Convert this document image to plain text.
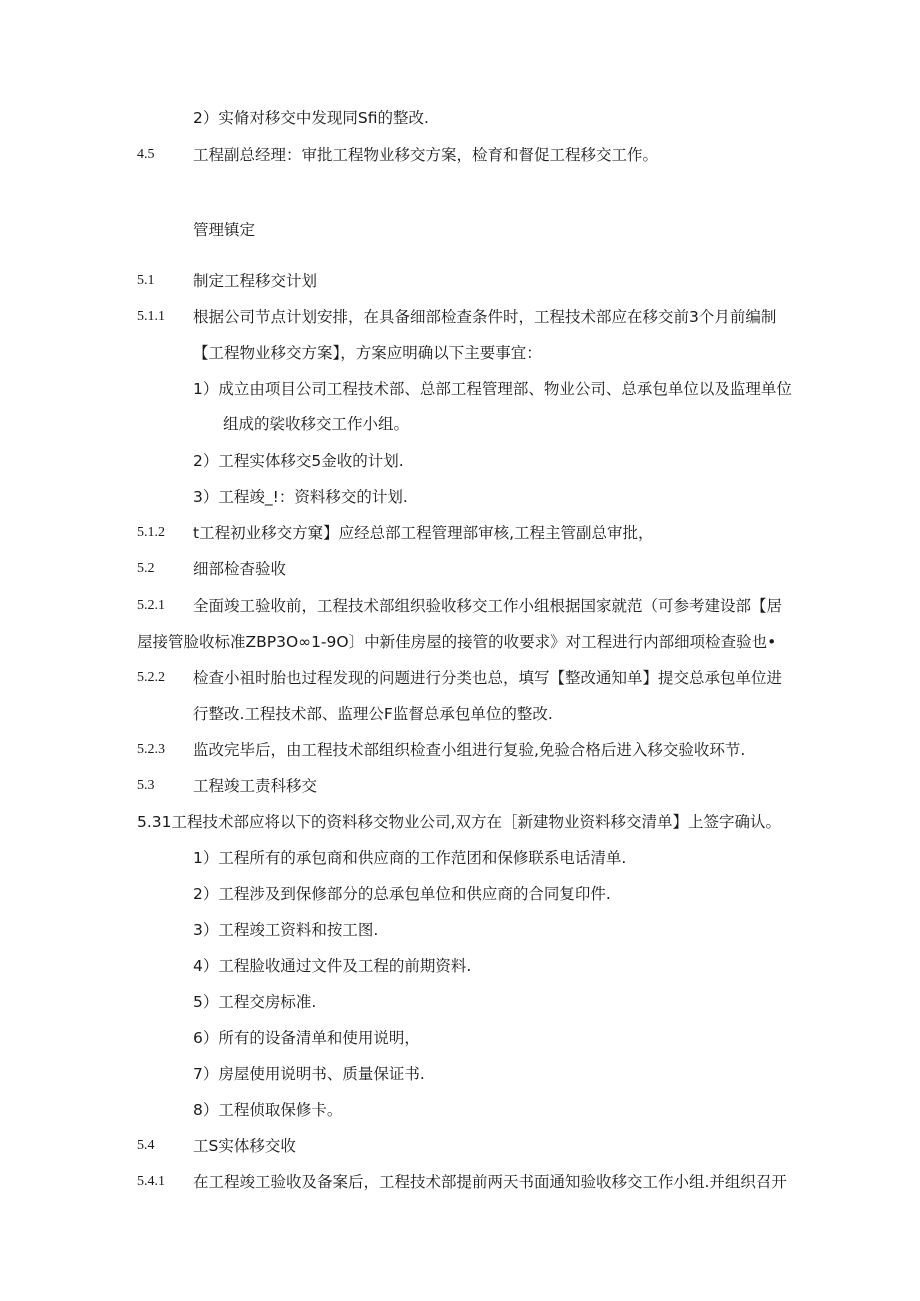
2）实脩对移交中发现同Sfi的整改.
4.5 工程副总经理：审批工程物业移交方案，检育和督促工程移交工作。
管理镇定
5.1 制定工程移交计划
5.1.1 根据公司节点计划安排，在具备细部检查条件时，工程技术部应在移交前3个月前编制
【工程物业移交方案】，方案应明确以下主要事宜：
1）成立由项目公司工程技术部、总部工程管理部、物业公司、总承包单位以及监理单位
组成的裟收移交工作小组。
2）工程实体移交5金收的计划.
3）工程竣_!：资料移交的计划.
5.1.2 t工程初业移交方窠】应经总部工程管理部审核,工程主管副总审批，
5.2 细部检杳验收
5.2.1 全面竣工验收前，工程技术部组织验收移交工作小组根据国家就范（可参考建设部【居
屋接管脸收标准ZBP3O∞1-9O〕中新佳房屋的接管的收要求》对工程进行内部细项检查验也•
5.2.2 检查小祖时胎也过程发现的问题进行分类也总，填写【整改通知单】提交总承包单位进
行整改.工程技术部、监理公F监督总承包单位的整改.
5.2.3 监改完毕后，由工程技术部组织检查小组进行复验,免验合格后进入移交验收环节.
5.3 工程竣工责科移交
5.31工程技术部应将以下的资料移交物业公司,双方在［新建物业资料移交清单】上签字确认。
1）工程所有的承包商和供应商的工作范团和保修联系电话清单.
2）工程涉及到保修部分的总承包单位和供应商的合同复印件.
3）工程竣工资料和按工图.
4）工程脸收通过文件及工程的前期资料.
5）工程交房标准.
6）所有的设备清单和使用说明，
7）房屋使用说明书、质量保证书.
8）工程侦取保修卡。
5.4 工S实体移交收
5.4.1 在工程竣工验收及备案后，工程技术部提前两天书面通知验收移交工作小组.并组织召开
